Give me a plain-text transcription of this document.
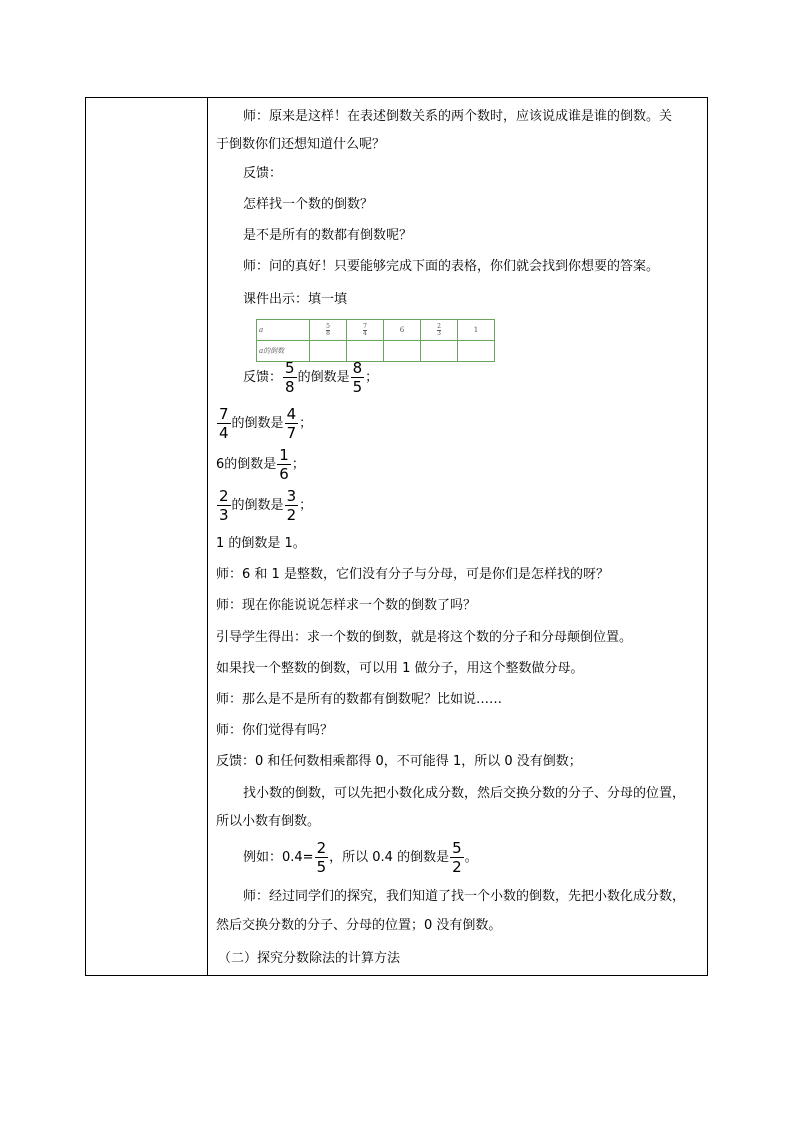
师：原来是这样！在表述倒数关系的两个数时，应该说成谁是谁的倒数。关
于倒数你们还想知道什么呢？
反馈：
怎样找一个数的倒数？
是不是所有的数都有倒数呢？
师：问的真好！只要能够完成下面的表格，你们就会找到你想要的答案。
课件出示：填一填
a	$\frac{5}{8}$	$\frac{7}{4}$	6	$\frac{2}{3}$	1
a的倒数					
反馈： $\frac{5}{8}$ 的倒数是 $\frac{8}{5}$ ；
$\frac{7}{4}$ 的倒数是 $\frac{4}{7}$ ；
6的倒数是 $\frac{1}{6}$ ；
$\frac{2}{3}$ 的倒数是 $\frac{3}{2}$ ；
1 的倒数是 1。
师：6 和 1 是整数，它们没有分子与分母，可是你们是怎样找的呀？
师：现在你能说说怎样求一个数的倒数了吗？
引导学生得出：求一个数的倒数，就是将这个数的分子和分母颠倒位置。
如果找一个整数的倒数，可以用 1 做分子，用这个整数做分母。
师：那么是不是所有的数都有倒数呢？比如说……
师：你们觉得有吗？
反馈：0 和任何数相乘都得 0，不可能得 1，所以 0 没有倒数；
找小数的倒数，可以先把小数化成分数，然后交换分数的分子、分母的位置，
所以小数有倒数。
例如：$0.4= \frac{2}{5}$ ，所以 0.4 的倒数是 $\frac{5}{2}$ 。
师：经过同学们的探究，我们知道了找一个小数的倒数，先把小数化成分数，
然后交换分数的分子、分母的位置；0 没有倒数。
（二）探究分数除法的计算方法
